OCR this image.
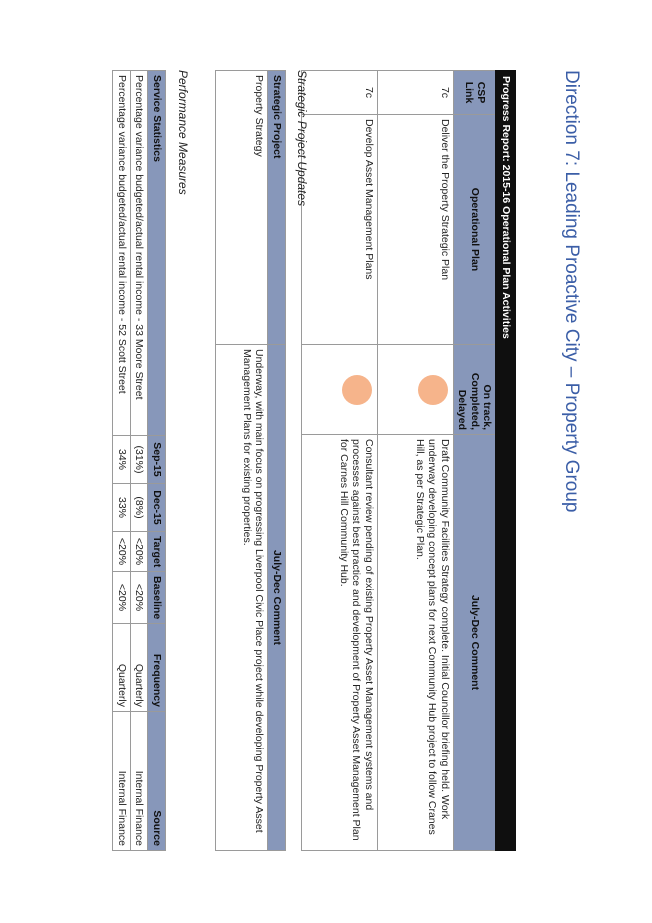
Direction 7: Leading Proactive City – Property Group
Progress Report: 2015-16 Operational Plan Activities			
CSP Link	Operational Plan	On track, Completed, Delayed	July-Dec Comment
7c	Deliver the Property Strategic Plan		Draft Community Facilities Strategy complete. Initial Councillor briefing held. Work underway developing concept plans for next Community Hub project to follow Cranes Hill, as per Strategic Plan.
7c	Develop Asset Management Plans		Consultant review pending of existing Property Asset Management systems and processes against best practice and development of Property Asset Management Plan for Carnes Hill Community Hub.
Strategic Project Updates
Strategic Project	July-Dec Comment
Property Strategy	Underway, with main focus on progressing Liverpool Civic Place project while developing Property Asset Management Plans for existing properties.
Performance Measures
Service Statistics	Sep-15	Dec-15	Target	Baseline	Frequency	Source
Percentage variance budgeted/actual rental income - 33 Moore Street	(31%)	(8%)	<20%	<20%	Quarterly	Internal Finance
Percentage variance budgeted/actual rental income - 52 Scott Street	34%	33%	<20%	<20%	Quarterly	Internal Finance
